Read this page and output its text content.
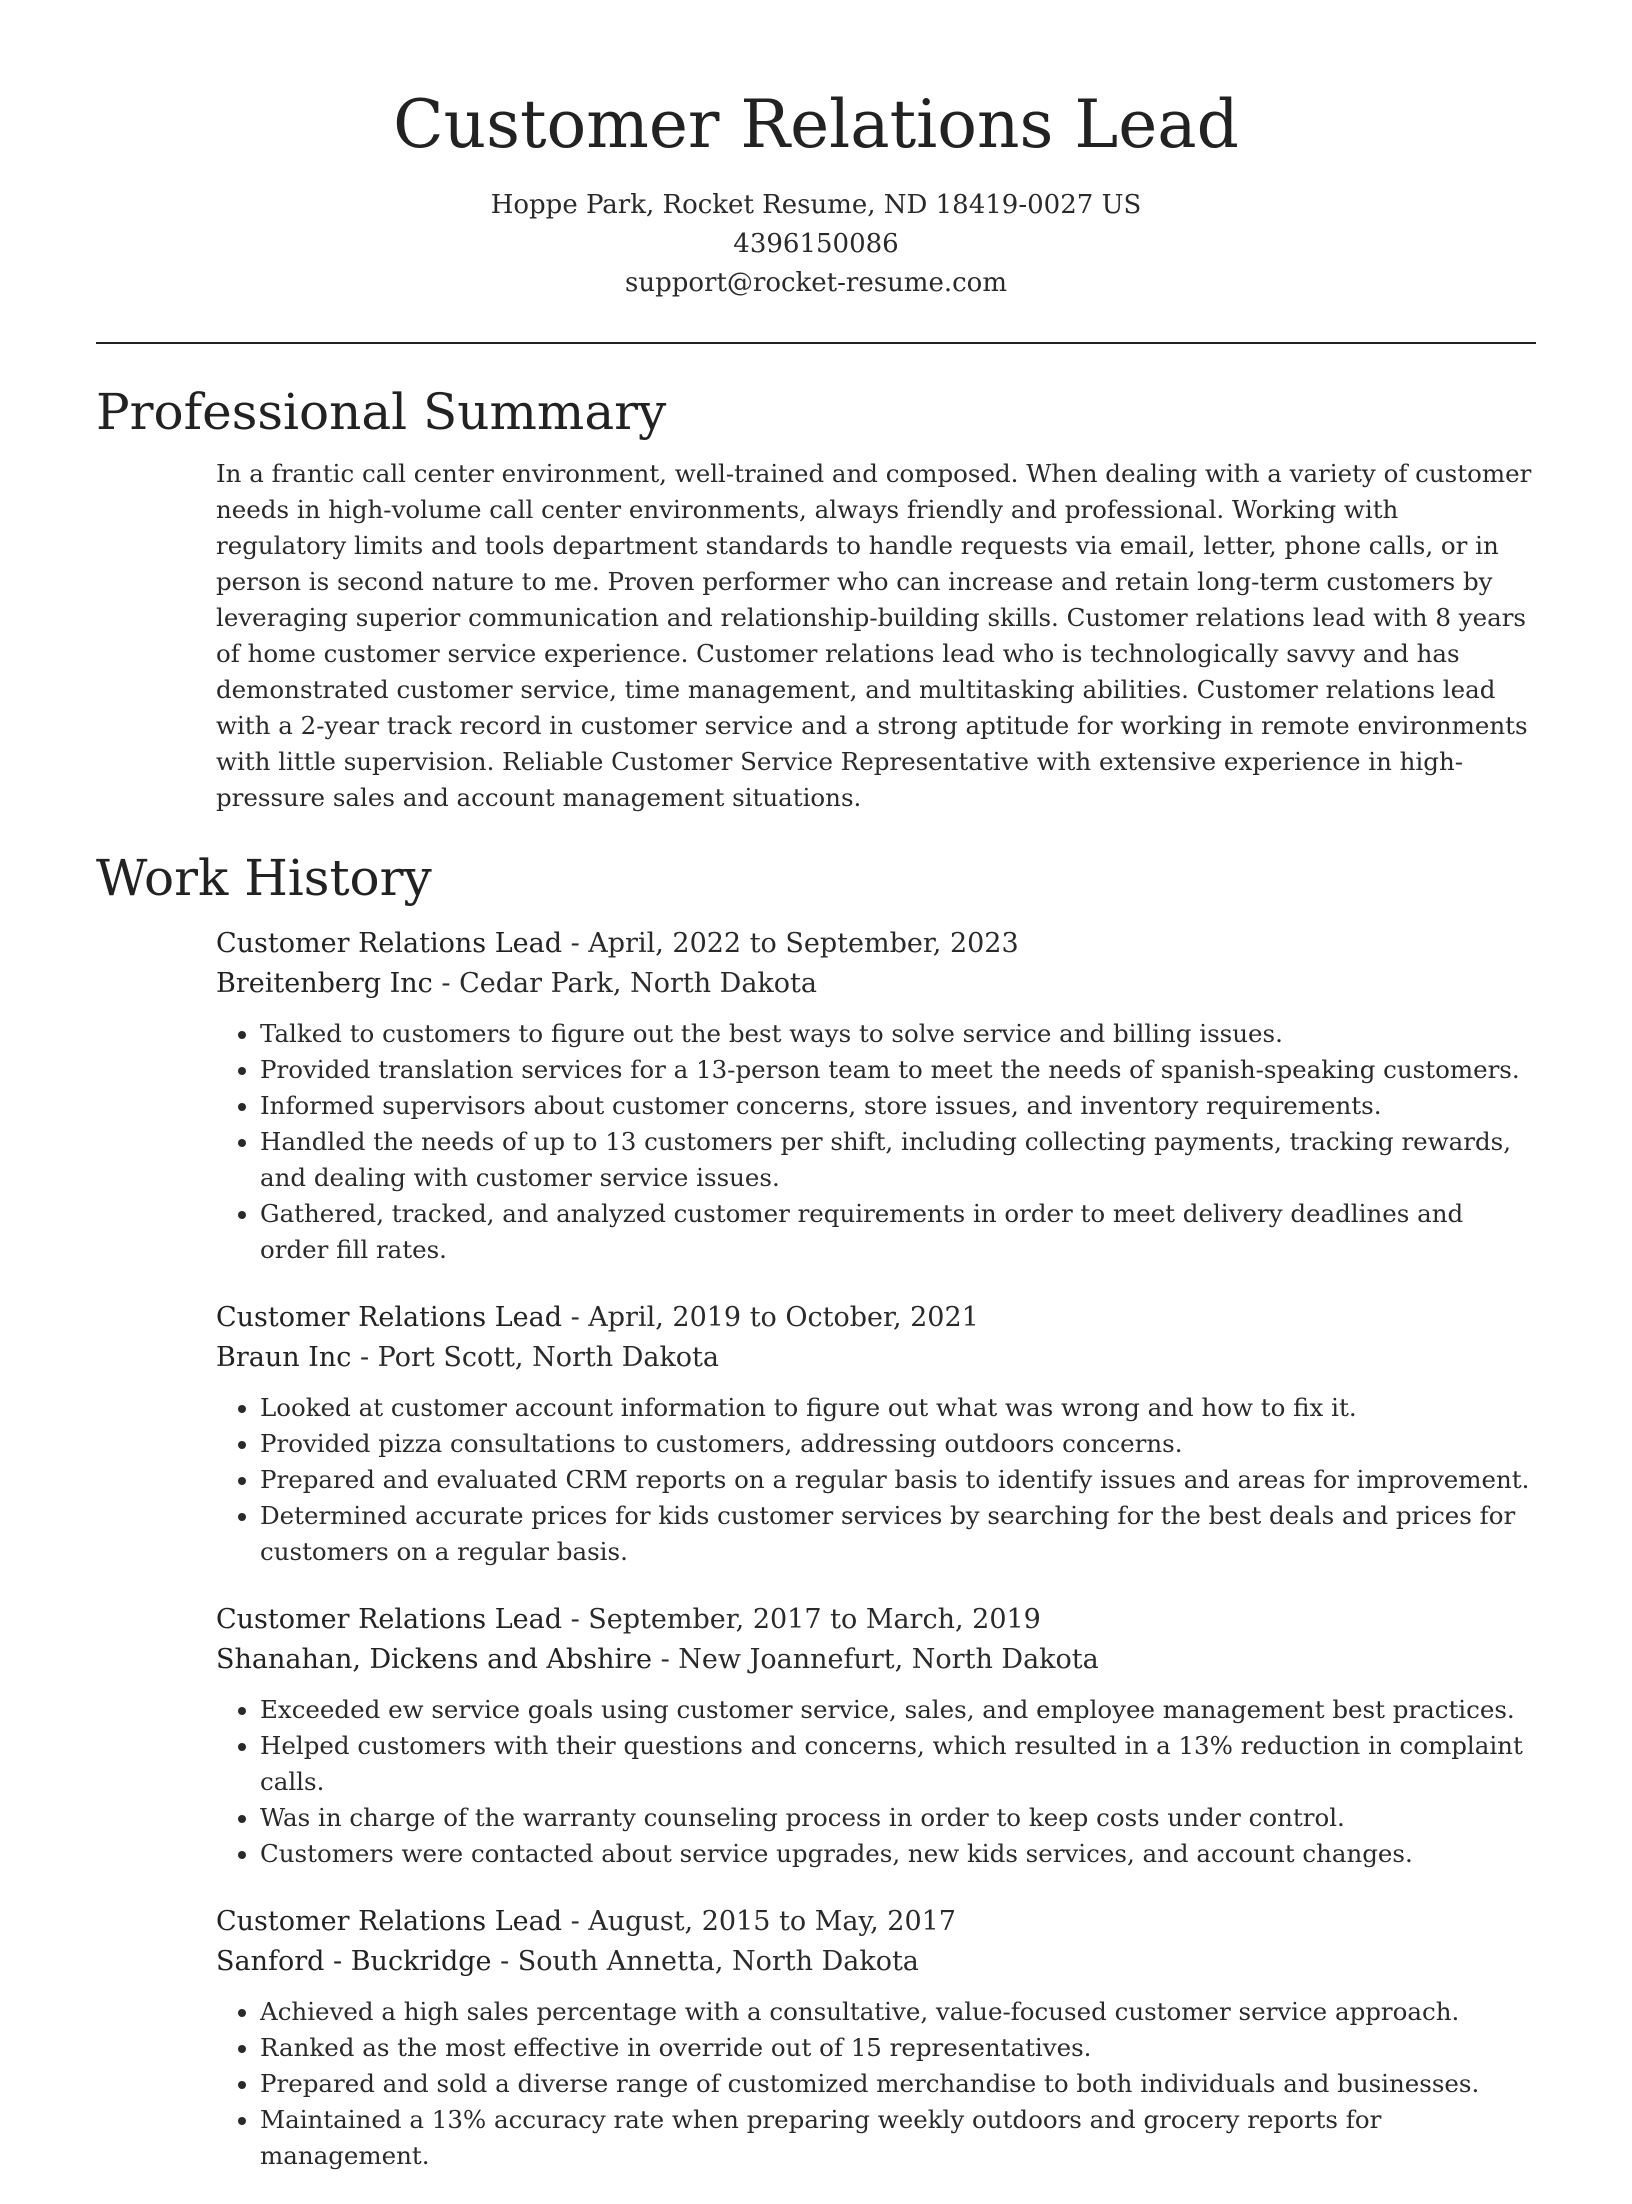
Customer Relations Lead
Hoppe Park, Rocket Resume, ND 18419-0027 US
4396150086
support@rocket-resume.com
Professional Summary

In a frantic call center environment, well-trained and composed. When dealing with a variety of customer needs in high-volume call center environments, always friendly and professional. Working with regulatory limits and tools department standards to handle requests via email, letter, phone calls, or in person is second nature to me. Proven performer who can increase and retain long-term customers by leveraging superior communication and relationship-building skills. Customer relations lead with 8 years of home customer service experience. Customer relations lead who is technologically savvy and has demonstrated customer service, time management, and multitasking abilities. Customer relations lead with a 2-year track record in customer service and a strong aptitude for working in remote environments with little supervision. Reliable Customer Service Representative with extensive experience in high-pressure sales and account management situations.

Work History
Customer Relations Lead - April, 2022 to September, 2023
Breitenberg Inc - Cedar Park, North Dakota
• Talked to customers to figure out the best ways to solve service and billing issues.
• Provided translation services for a 13-person team to meet the needs of spanish-speaking customers.
• Informed supervisors about customer concerns, store issues, and inventory requirements.
• Handled the needs of up to 13 customers per shift, including collecting payments, tracking rewards, and dealing with customer service issues.
• Gathered, tracked, and analyzed customer requirements in order to meet delivery deadlines and order fill rates.
Customer Relations Lead - April, 2019 to October, 2021
Braun Inc - Port Scott, North Dakota
• Looked at customer account information to figure out what was wrong and how to fix it.
• Provided pizza consultations to customers, addressing outdoors concerns.
• Prepared and evaluated CRM reports on a regular basis to identify issues and areas for improvement.
• Determined accurate prices for kids customer services by searching for the best deals and prices for customers on a regular basis.
Customer Relations Lead - September, 2017 to March, 2019
Shanahan, Dickens and Abshire - New Joannefurt, North Dakota
• Exceeded ew service goals using customer service, sales, and employee management best practices.
• Helped customers with their questions and concerns, which resulted in a 13% reduction in complaint calls.
• Was in charge of the warranty counseling process in order to keep costs under control.
• Customers were contacted about service upgrades, new kids services, and account changes.
Customer Relations Lead - August, 2015 to May, 2017
Sanford - Buckridge - South Annetta, North Dakota
• Achieved a high sales percentage with a consultative, value-focused customer service approach.
• Ranked as the most effective in override out of 15 representatives.
• Prepared and sold a diverse range of customized merchandise to both individuals and businesses.
• Maintained a 13% accuracy rate when preparing weekly outdoors and grocery reports for management.
